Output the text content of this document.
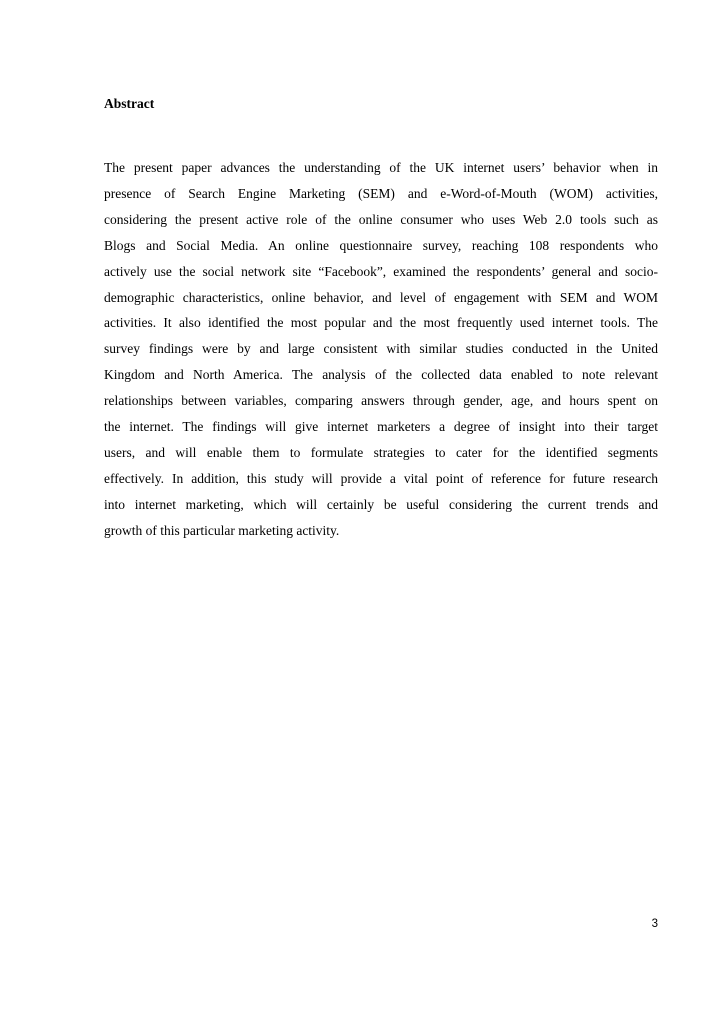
Abstract
The present paper advances the understanding of the UK internet users’ behavior when in
presence of Search Engine Marketing (SEM) and e-Word-of-Mouth (WOM) activities,
considering the present active role of the online consumer who uses Web 2.0 tools such as
Blogs and Social Media. An online questionnaire survey, reaching 108 respondents who
actively use the social network site “Facebook”, examined the respondents’ general and socio-
demographic characteristics, online behavior, and level of engagement with SEM and WOM
activities. It also identified the most popular and the most frequently used internet tools. The
survey findings were by and large consistent with similar studies conducted in the United
Kingdom and North America. The analysis of the collected data enabled to note relevant
relationships between variables, comparing answers through gender, age, and hours spent on
the internet. The findings will give internet marketers a degree of insight into their target
users, and will enable them to formulate strategies to cater for the identified segments
effectively. In addition, this study will provide a vital point of reference for future research
into internet marketing, which will certainly be useful considering the current trends and
growth of this particular marketing activity.
3
